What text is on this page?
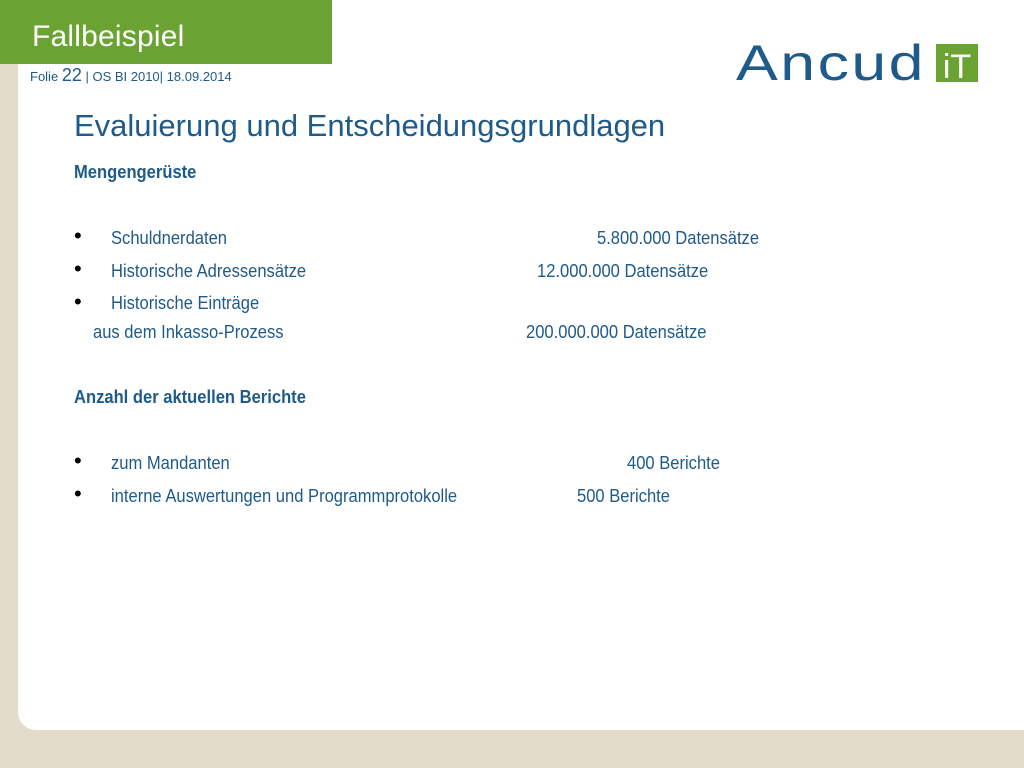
Fallbeispiel
Folie 22 | OS BI 2010| 18.09.2014	Ancud iT
Evaluierung und Entscheidungsgrundlagen
Mengengerüste
• Schuldnerdaten	5.800.000 Datensätze
• Historische Adressensätze	12.000.000 Datensätze
• Historische Einträge
aus dem Inkasso-Prozess	200.000.000 Datensätze
Anzahl der aktuellen Berichte
• zum Mandanten	400 Berichte
• interne Auswertungen und Programmprotokolle	500 Berichte
